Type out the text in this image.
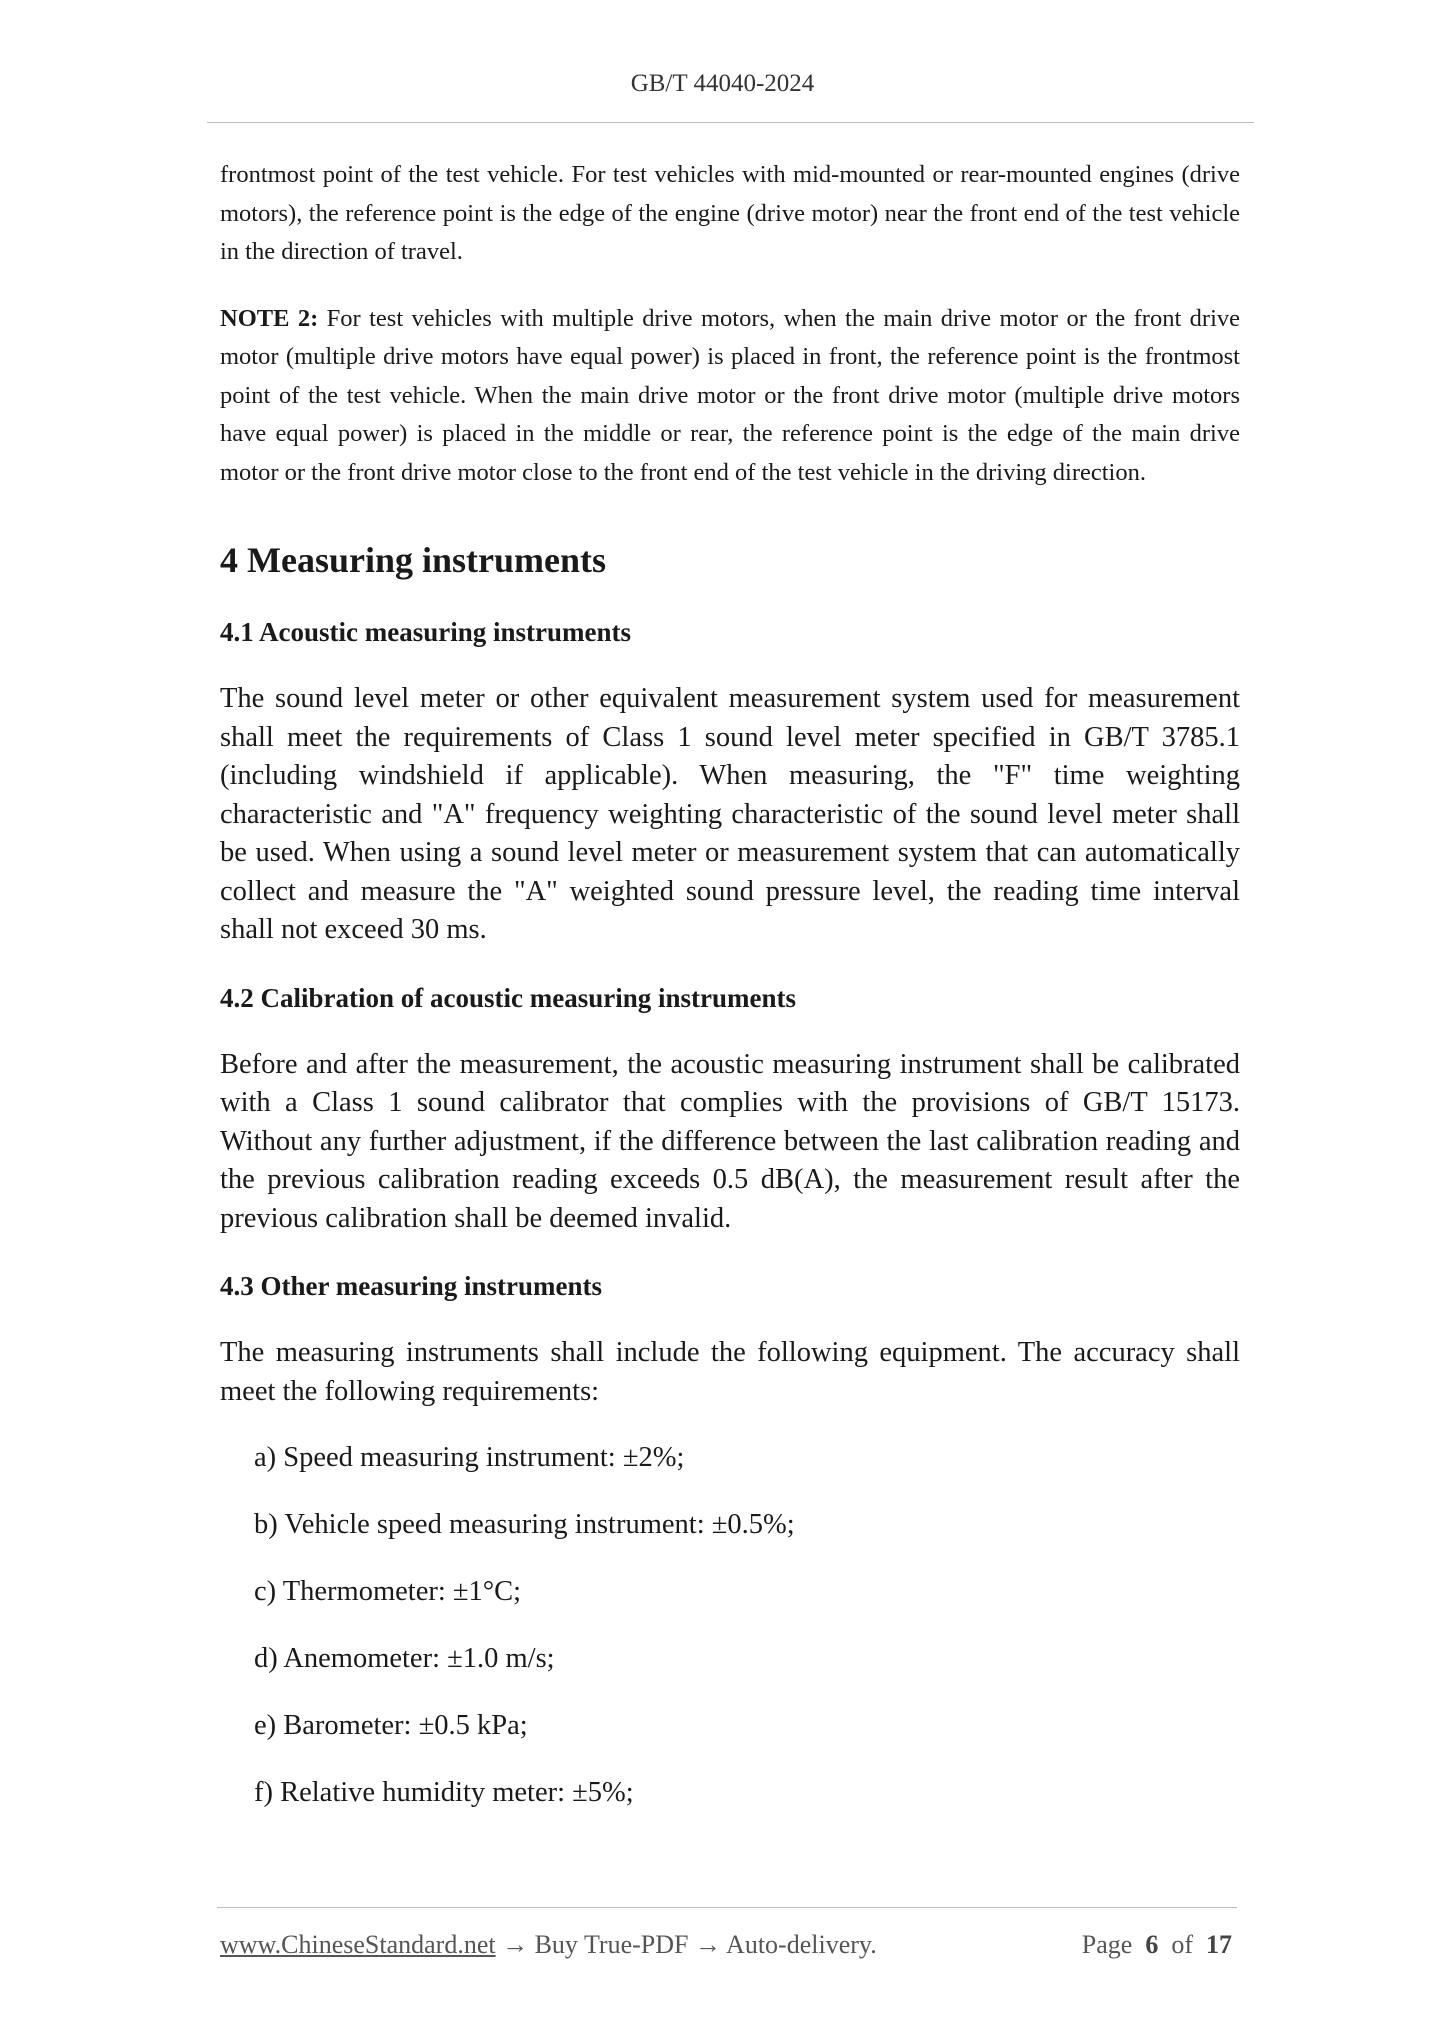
GB/T 44040-2024

frontmost point of the test vehicle. For test vehicles with mid-mounted or rear-mounted engines (drive motors), the reference point is the edge of the engine (drive motor) near the front end of the test vehicle in the direction of travel.

NOTE 2: For test vehicles with multiple drive motors, when the main drive motor or the front drive motor (multiple drive motors have equal power) is placed in front, the reference point is the frontmost point of the test vehicle. When the main drive motor or the front drive motor (multiple drive motors have equal power) is placed in the middle or rear, the reference point is the edge of the main drive motor or the front drive motor close to the front end of the test vehicle in the driving direction.

4 Measuring instruments
4.1 Acoustic measuring instruments

The sound level meter or other equivalent measurement system used for measurement shall meet the requirements of Class 1 sound level meter specified in GB/T 3785.1 (including windshield if applicable). When measuring, the "F" time weighting characteristic and "A" frequency weighting characteristic of the sound level meter shall be used. When using a sound level meter or measurement system that can automatically collect and measure the "A" weighted sound pressure level, the reading time interval shall not exceed 30 ms.

4.2 Calibration of acoustic measuring instruments

Before and after the measurement, the acoustic measuring instrument shall be calibrated with a Class 1 sound calibrator that complies with the provisions of GB/T 15173. Without any further adjustment, if the difference between the last calibration reading and the previous calibration reading exceeds 0.5 dB(A), the measurement result after the previous calibration shall be deemed invalid.

4.3 Other measuring instruments

The measuring instruments shall include the following equipment. The accuracy shall meet the following requirements:

a) Speed measuring instrument: ±2%;

b) Vehicle speed measuring instrument: ±0.5%;

c) Thermometer: ±1°C;

d) Anemometer: ±1.0 m/s;

e) Barometer: ±0.5 kPa;

f) Relative humidity meter: ±5%;

www.ChineseStandard.net → Buy True-PDF → Auto-delivery.	Page 6 of 17
